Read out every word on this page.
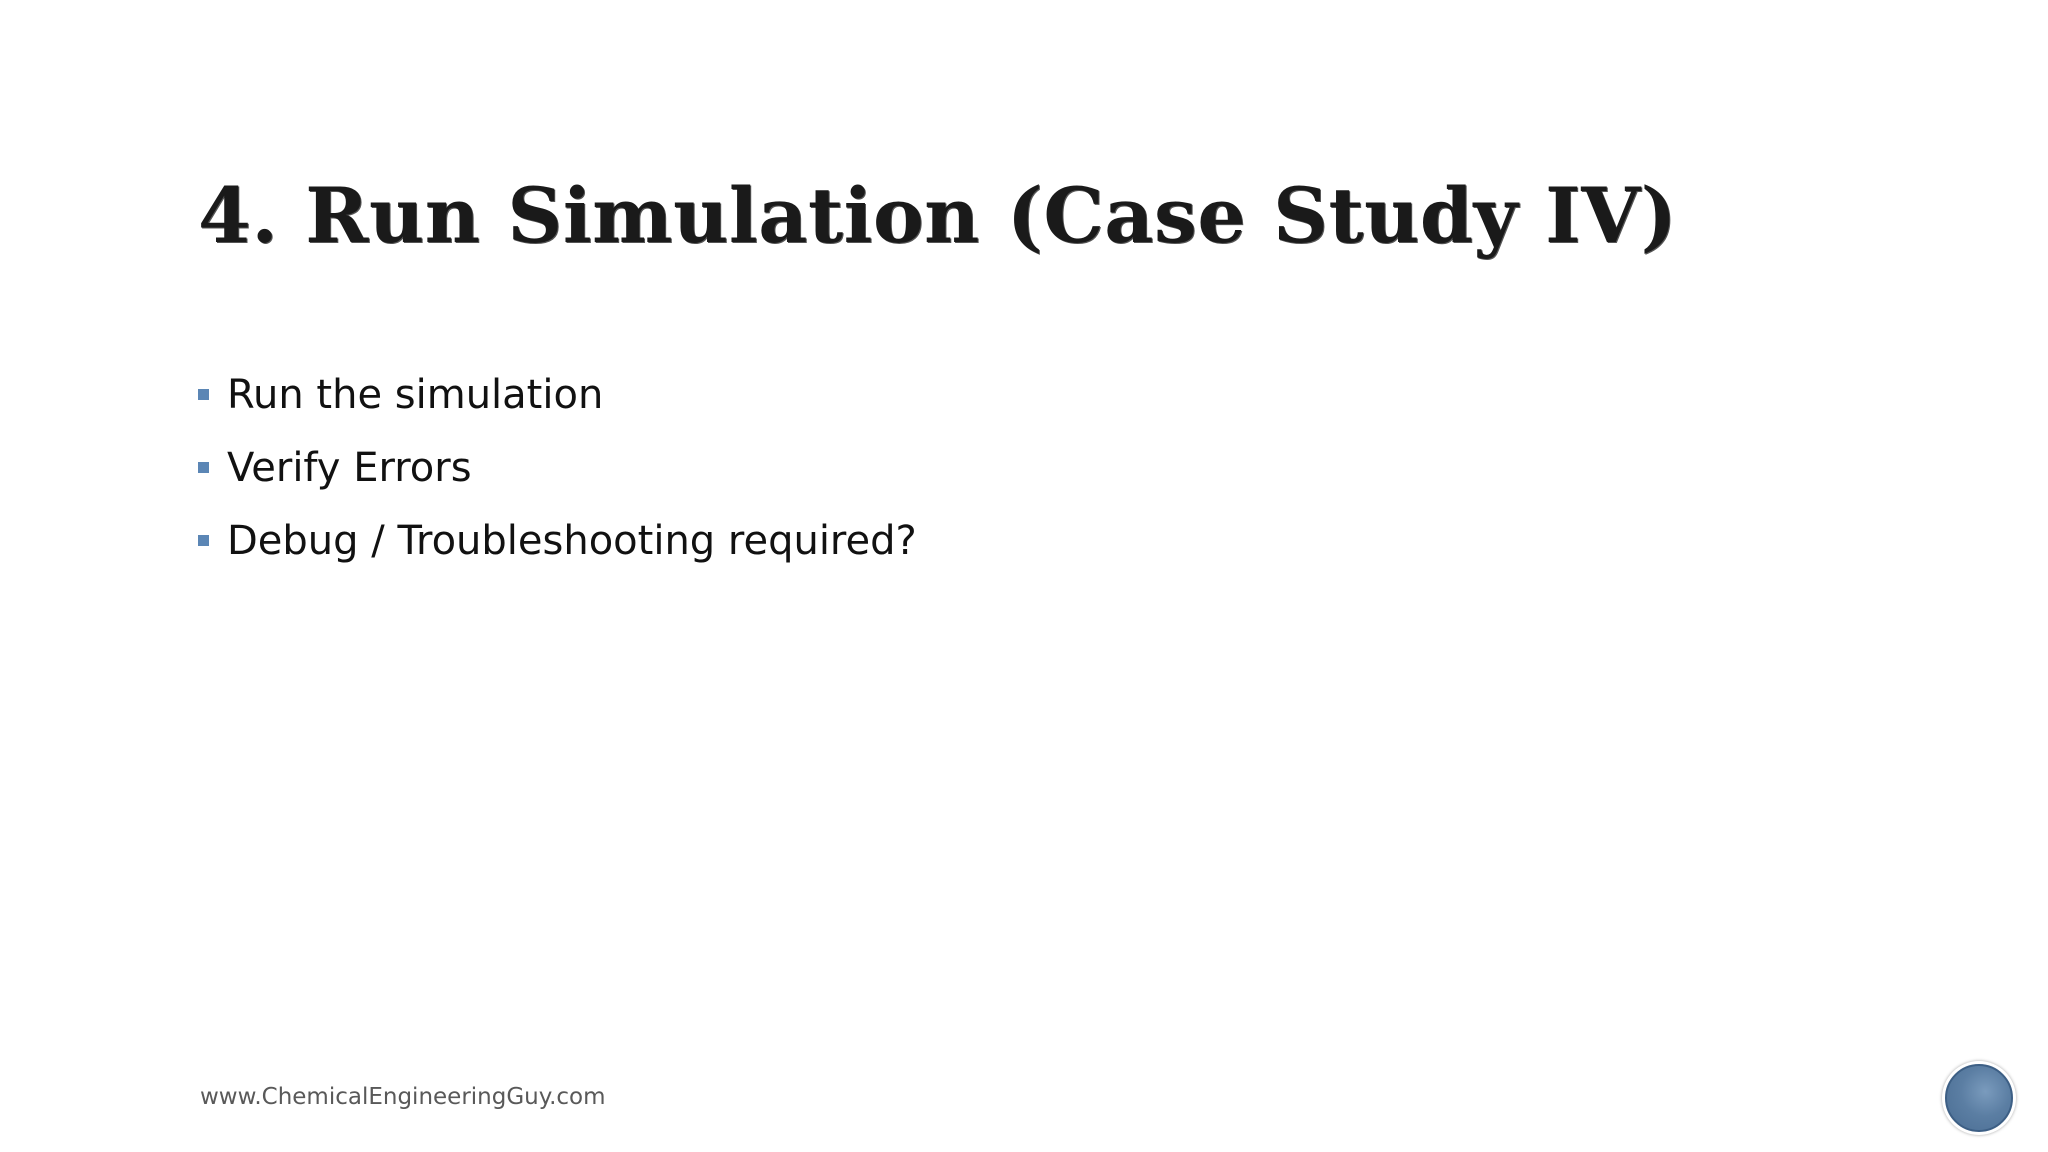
4. Run Simulation (Case Study IV)
Run the simulation
Verify Errors
Debug / Troubleshooting required?
www.ChemicalEngineeringGuy.com
